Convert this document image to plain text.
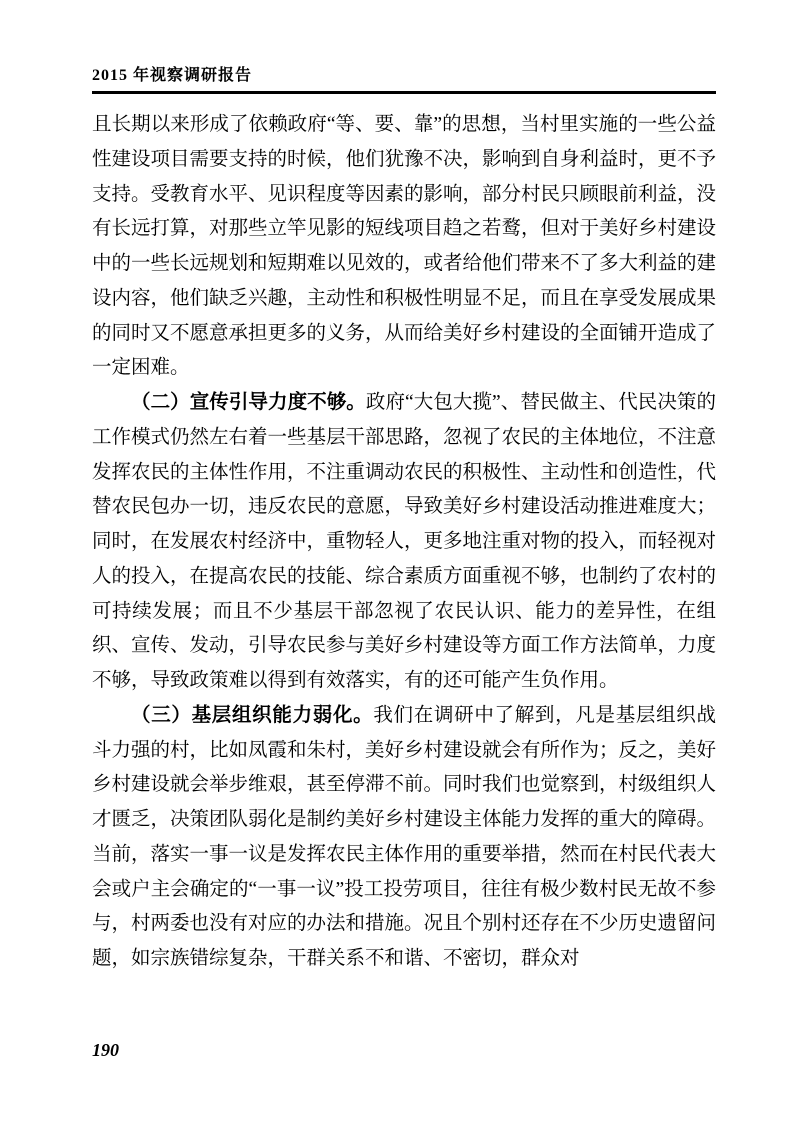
2015 年视察调研报告

且长期以来形成了依赖政府“等、要、靠”的思想，当村里实施的一些公益性建设项目需要支持的时候，他们犹豫不决，影响到自身利益时，更不予支持。受教育水平、见识程度等因素的影响，部分村民只顾眼前利益，没有长远打算，对那些立竿见影的短线项目趋之若鹜，但对于美好乡村建设中的一些长远规划和短期难以见效的，或者给他们带来不了多大利益的建设内容，他们缺乏兴趣，主动性和积极性明显不足，而且在享受发展成果的同时又不愿意承担更多的义务，从而给美好乡村建设的全面铺开造成了一定困难。

（二）宣传引导力度不够。政府“大包大揽”、替民做主、代民决策的工作模式仍然左右着一些基层干部思路，忽视了农民的主体地位，不注意发挥农民的主体性作用，不注重调动农民的积极性、主动性和创造性，代替农民包办一切，违反农民的意愿，导致美好乡村建设活动推进难度大；同时，在发展农村经济中，重物轻人，更多地注重对物的投入，而轻视对人的投入，在提高农民的技能、综合素质方面重视不够，也制约了农村的可持续发展；而且不少基层干部忽视了农民认识、能力的差异性，在组织、宣传、发动，引导农民参与美好乡村建设等方面工作方法简单，力度不够，导致政策难以得到有效落实，有的还可能产生负作用。

（三）基层组织能力弱化。我们在调研中了解到，凡是基层组织战斗力强的村，比如凤霞和朱村，美好乡村建设就会有所作为；反之，美好乡村建设就会举步维艰，甚至停滞不前。同时我们也觉察到，村级组织人才匮乏，决策团队弱化是制约美好乡村建设主体能力发挥的重大的障碍。当前，落实一事一议是发挥农民主体作用的重要举措，然而在村民代表大会或户主会确定的“一事一议”投工投劳项目，往往有极少数村民无故不参与，村两委也没有对应的办法和措施。况且个别村还存在不少历史遗留问题，如宗族错综复杂，干群关系不和谐、不密切，群众对

190
